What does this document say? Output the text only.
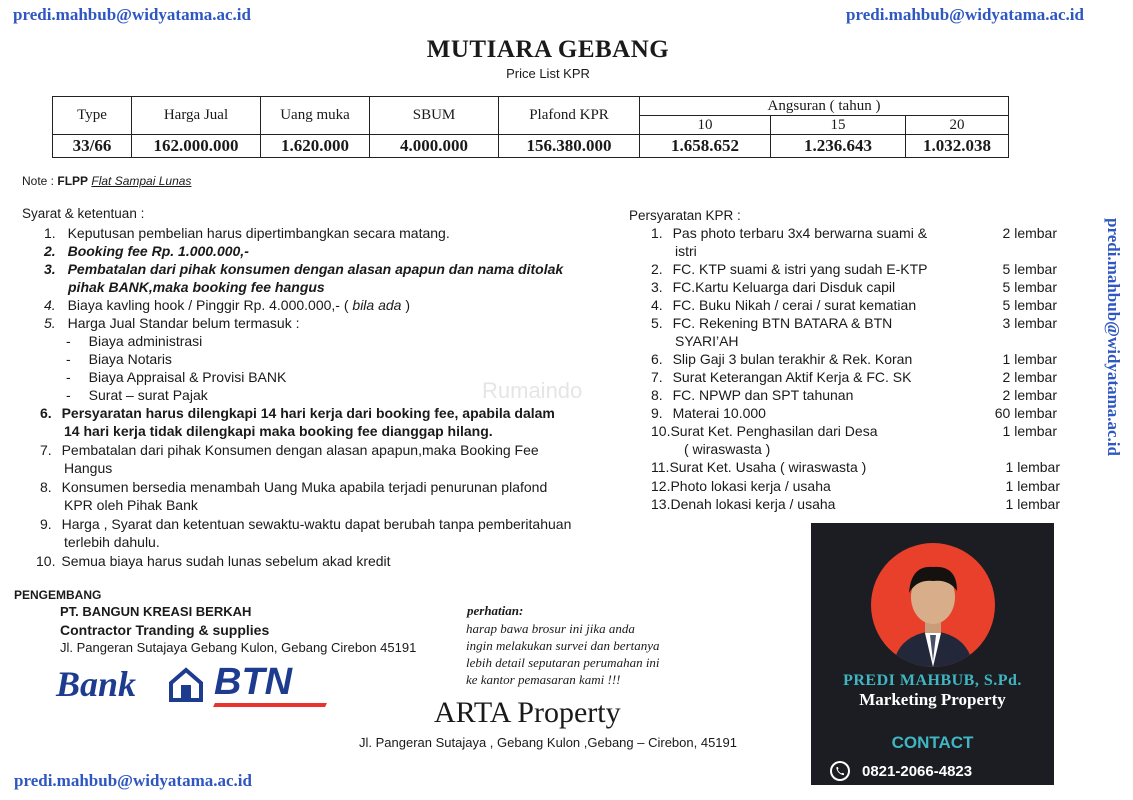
predi.mahbub@widyatama.ac.id	predi.mahbub@widyatama.ac.id
predi.mahbub@widyatama.ac.id
predi.mahbub@widyatama.ac.id
MUTIARA GEBANG
Price List KPR
Type	Harga Jual	Uang muka	SBUM	Plafond KPR	Angsuran ( tahun )		
					10	15	20
33/66	162.000.000	1.620.000	4.000.000	156.380.000	1.658.652	1.236.643	1.032.038
Note : FLPP Flat Sampai Lunas
Rumaindo
Syarat & ketentuan :
1. Keputusan pembelian harus dipertimbangkan secara matang.
2. Booking fee Rp. 1.000.000,-
3. Pembatalan dari pihak konsumen dengan alasan apapun dan nama ditolak
pihak BANK,maka booking fee hangus
4. Biaya kavling hook / Pinggir Rp. 4.000.000,- ( bila ada )
5. Harga Jual Standar belum termasuk :
- Biaya administrasi
- Biaya Notaris
- Biaya Appraisal & Provisi BANK
- Surat – surat Pajak
6. Persyaratan harus dilengkapi 14 hari kerja dari booking fee, apabila dalam
14 hari kerja tidak dilengkapi maka booking fee dianggap hilang.
7. Pembatalan dari pihak Konsumen dengan alasan apapun,maka Booking Fee
Hangus
8. Konsumen bersedia menambah Uang Muka apabila terjadi penurunan plafond
KPR oleh Pihak Bank
9. Harga , Syarat dan ketentuan sewaktu-waktu dapat berubah tanpa pemberitahuan
terlebih dahulu.
10. Semua biaya harus sudah lunas sebelum akad kredit
Persyaratan KPR :
1. Pas photo terbaru 3x4 berwarna suami &	2 lembar
istri
2. FC. KTP suami & istri yang sudah E-KTP	5 lembar
3. FC.Kartu Keluarga dari Disduk capil	5 lembar
4. FC. Buku Nikah / cerai / surat kematian	5 lembar
5. FC. Rekening BTN BATARA & BTN	3 lembar
SYARI’AH
6. Slip Gaji 3 bulan terakhir & Rek. Koran	1 lembar
7. Surat Keterangan Aktif Kerja & FC. SK	2 lembar
8. FC. NPWP dan SPT tahunan	2 lembar
9. Materai 10.000	60 lembar
10.Surat Ket. Penghasilan dari Desa	1 lembar
( wiraswasta )
11.Surat Ket. Usaha ( wiraswasta )	1 lembar
12.Photo lokasi kerja / usaha	1 lembar
13.Denah lokasi kerja / usaha	1 lembar
PENGEMBANG
PT. BANGUN KREASI BERKAH
Contractor Tranding & supplies
Jl. Pangeran Sutajaya Gebang Kulon, Gebang Cirebon 45191
perhatian:
harap bawa brosur ini jika anda
ingin melakukan survei dan bertanya
lebih detail seputaran perumahan ini
ke kantor pemasaran kami !!!
Bank BTN
ARTA Property
Jl. Pangeran Sutajaya , Gebang Kulon ,Gebang – Cirebon, 45191
PREDI MAHBUB, S.Pd.
Marketing Property
CONTACT
0821-2066-4823
